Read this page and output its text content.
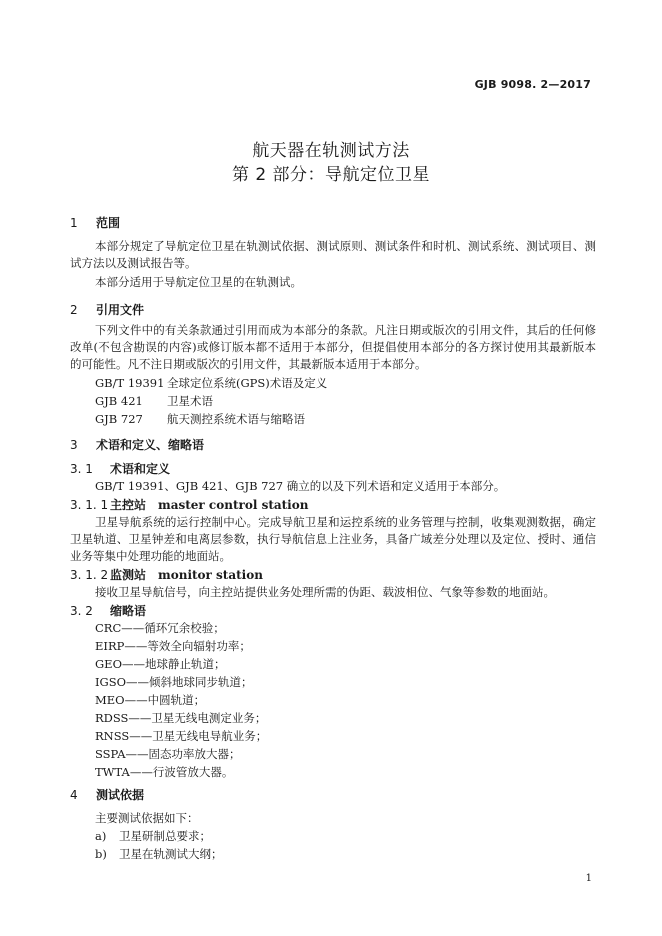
GJB 9098. 2—2017
航天器在轨测试方法
第 2 部分：导航定位卫星
1 范围
本部分规定了导航定位卫星在轨测试依据、测试原则、测试条件和时机、测试系统、测试项目、测试方法以及测试报告等。
本部分适用于导航定位卫星的在轨测试。
2 引用文件
下列文件中的有关条款通过引用而成为本部分的条款。凡注日期或版次的引用文件，其后的任何修改单(不包含勘误的内容)或修订版本都不适用于本部分，但提倡使用本部分的各方探讨使用其最新版本的可能性。凡不注日期或版次的引用文件，其最新版本适用于本部分。
GB/T 19391 全球定位系统(GPS)术语及定义
GJB 421 卫星术语
GJB 727 航天测控系统术语与缩略语
3 术语和定义、缩略语
3. 1 术语和定义
GB/T 19391、GJB 421、GJB 727 确立的以及下列术语和定义适用于本部分。
3. 1. 1 主控站 master control station
卫星导航系统的运行控制中心。完成导航卫星和运控系统的业务管理与控制，收集观测数据，确定卫星轨道、卫星钟差和电离层参数，执行导航信息上注业务，具备广域差分处理以及定位、授时、通信业务等集中处理功能的地面站。
3. 1. 2 监测站 monitor station
接收卫星导航信号，向主控站提供业务处理所需的伪距、载波相位、气象等参数的地面站。
3. 2 缩略语
CRC——循环冗余校验；
EIRP——等效全向辐射功率；
GEO——地球静止轨道；
IGSO——倾斜地球同步轨道；
MEO——中圆轨道；
RDSS——卫星无线电测定业务；
RNSS——卫星无线电导航业务；
SSPA——固态功率放大器；
TWTA——行波管放大器。
4 测试依据
主要测试依据如下：
a) 卫星研制总要求；
b) 卫星在轨测试大纲；
1
